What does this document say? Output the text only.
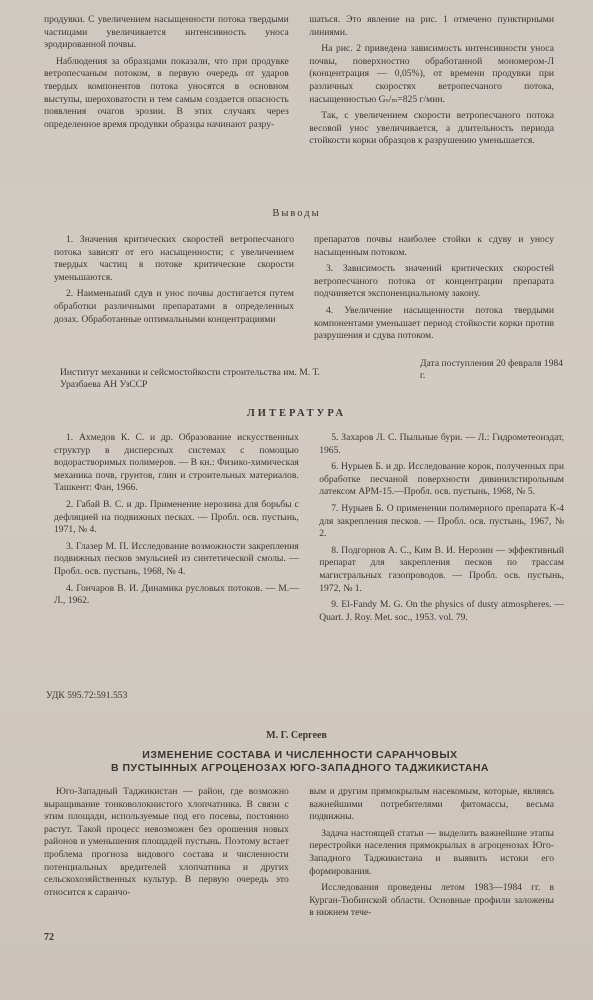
продувки. С увеличением насыщенности потока твердыми частицами увеличивается интенсивность уноса эродированной почвы.

Наблюдения за образцами показали, что при продувке ветропесчаным потоком, в первую очередь от ударов твердых компонентов потока уносятся в основном выступы, шероховатости и тем самым создается опасность появления очагов эрозии. В этих случаях через определенное время продувки образцы начинают разру-

шаться. Это явление на рис. 1 отмечено пунктирными линиями.

На рис. 2 приведена зависимость интенсивности уноса почвы, поверхностно обработанной мономером-Л (концентрация — 0,05%), от времени продувки при различных скоростях ветропесчаного потока, насыщенностью Gₛ/ₘ=825 г/мин.

Так, с увеличением скорости ветропесчаного потока весовой унос увеличивается, а длительность периода стойкости корки образцов к разрушению уменьшается.

Выводы

1. Значения критических скоростей ветропесчаного потока зависят от его насыщенности; с увеличением твердых частиц в потоке критические скорости уменьшаются.

2. Наименьший сдув и унос почвы достигается путем обработки различными препаратами в определенных дозах. Обработанные оптимальными концентрациями

препаратов почвы наиболее стойки к сдуву и уносу насыщенным потоком.

3. Зависимость значений критических скоростей ветропесчаного потока от концентрации препарата подчиняется экспоненциальному закону.

4. Увеличение насыщенности потока твердыми компонентами уменьшает период стойкости корки против разрушения и сдува потоком.

Институт механики и сейсмостойкости строительства им. М. Т. Уразбаева АН УзССР
Дата поступления 20 февраля 1984 г.
ЛИТЕРАТУРА

1. Ахмедов К. С. и др. Образование искусственных структур в дисперсных системах с помощью водорастворимых полимеров. — В кн.: Физико-химическая механика почв, грунтов, глин и строительных материалов. Ташкент: Фан, 1966.

2. Габай В. С. и др. Применение нерозина для борьбы с дефляцией на подвижных песках. — Пробл. осв. пустынь, 1971, № 4.

3. Глазер М. П. Исследование возможности закрепления подвижных песков эмульсией из синтетической смолы. — Пробл. осв. пустынь, 1968, № 4.

4. Гончаров В. И. Динамика русловых потоков. — М.—Л., 1962.

5. Захаров Л. С. Пыльные бури. — Л.: Гидрометеоиздат, 1965.

6. Нурыев Б. и др. Исследование корок, полученных при обработке песчаной поверхности дивинилстирольным латексом АРМ-15.—Пробл. осв. пустынь, 1968, № 5.

7. Нурыев Б. О применении полимерного препарата К-4 для закрепления песков. — Пробл. осв. пустынь, 1967, № 2.

8. Подгорнов А. С., Ким В. И. Нерозин — эффективный препарат для закрепления песков по трассам магистральных газопроводов. — Пробл. осв. пустынь, 1972, № 1.

9. El-Fandy M. G. On the physics of dusty atmospheres. — Quart. J. Roy. Met. soc., 1953. vol. 79.

УДК 595.72:591.553
М. Г. Сергеев
ИЗМЕНЕНИЕ СОСТАВА И ЧИСЛЕННОСТИ САРАНЧОВЫХ
В ПУСТЫННЫХ АГРОЦЕНОЗАХ ЮГО-ЗАПАДНОГО ТАДЖИКИСТАНА

Юго-Западный Таджикистан — район, где возможно выращивание тонковолокнистого хлопчатника. В связи с этим площади, используемые под его посевы, постоянно растут. Такой процесс невозможен без орошения новых районов и уменьшения площадей пустынь. Поэтому встает проблема прогноза видового состава и численности потенциальных вредителей хлопчатника и других сельскохозяйственных культур. В первую очередь это относится к саранчо-

вым и другим прямокрылым насекомым, которые, являясь важнейшими потребителями фитомассы, весьма подвижны.

Задача настоящей статьи — выделить важнейшие этапы перестройки населения прямокрылых в агроценозах Юго-Западного Таджикистана и выявить истоки его формирования.

Исследования проведены летом 1983—1984 гг. в Курган-Тюбинской области. Основные профили заложены в нижнем тече-

72
